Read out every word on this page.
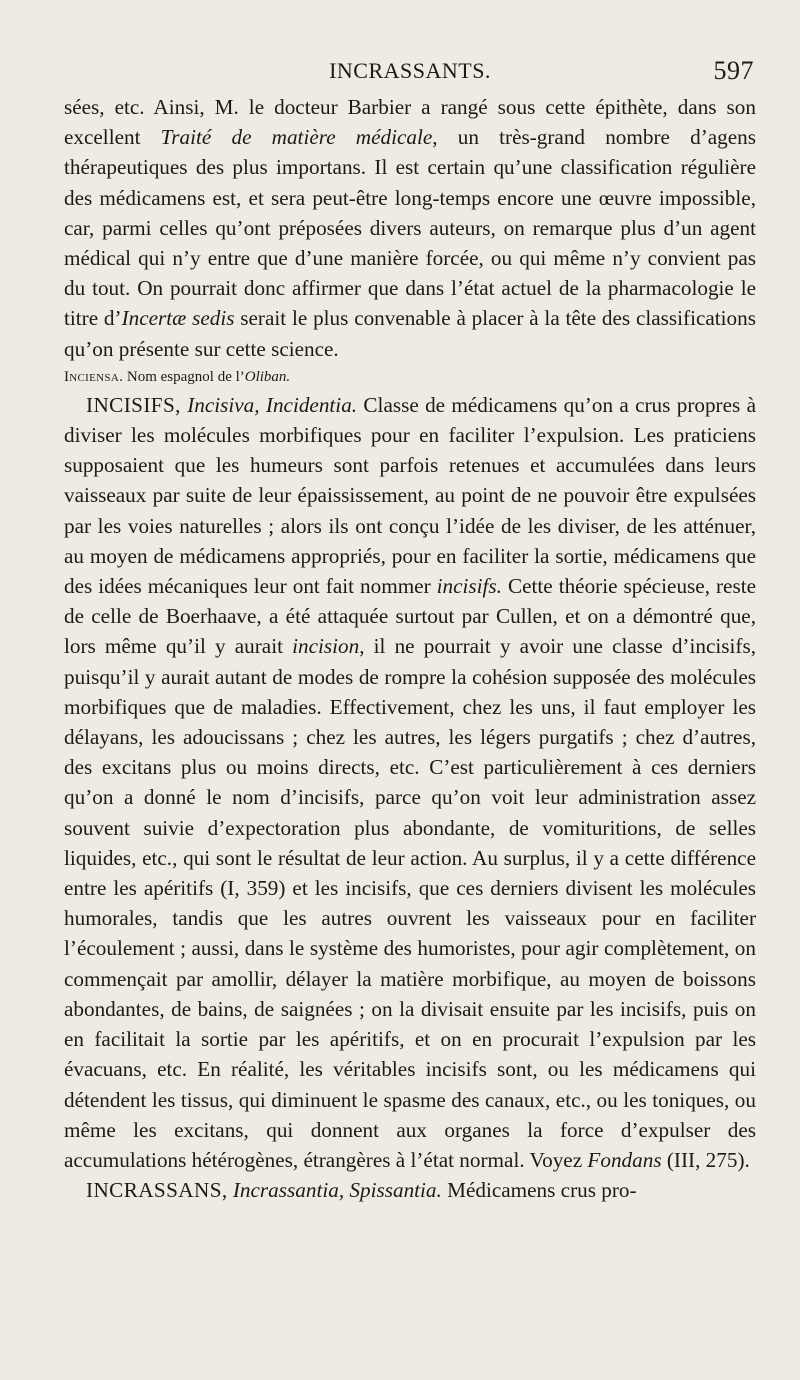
INCRASSANTS.	597

sées, etc. Ainsi, M. le docteur Barbier a rangé sous cette épithète, dans son excellent Traité de matière médicale, un très-grand nombre d’agens thérapeutiques des plus importans. Il est certain qu’une classification régulière des médicamens est, et sera peut-être long-temps encore une œuvre impossible, car, parmi celles qu’ont préposées divers auteurs, on remarque plus d’un agent médical qui n’y entre que d’une manière forcée, ou qui même n’y convient pas du tout. On pourrait donc affirmer que dans l’état actuel de la pharmacologie le titre d’Incertæ sedis serait le plus convenable à placer à la tête des classifications qu’on présente sur cette science.

Inciensa. Nom espagnol de l’Oliban.

INCISIFS, Incisiva, Incidentia. Classe de médicamens qu’on a crus propres à diviser les molécules morbifiques pour en faciliter l’expulsion. Les praticiens supposaient que les humeurs sont parfois retenues et accumulées dans leurs vaisseaux par suite de leur épaississement, au point de ne pouvoir être expulsées par les voies naturelles ; alors ils ont conçu l’idée de les diviser, de les atténuer, au moyen de médicamens appropriés, pour en faciliter la sortie, médicamens que des idées mécaniques leur ont fait nommer incisifs. Cette théorie spécieuse, reste de celle de Boerhaave, a été attaquée surtout par Cullen, et on a démontré que, lors même qu’il y aurait incision, il ne pourrait y avoir une classe d’incisifs, puisqu’il y aurait autant de modes de rompre la cohésion supposée des molécules morbifiques que de maladies. Effectivement, chez les uns, il faut employer les délayans, les adoucissans ; chez les autres, les légers purgatifs ; chez d’autres, des excitans plus ou moins directs, etc. C’est particulièrement à ces derniers qu’on a donné le nom d’incisifs, parce qu’on voit leur administration assez souvent suivie d’expectoration plus abondante, de vomituritions, de selles liquides, etc., qui sont le résultat de leur action. Au surplus, il y a cette différence entre les apéritifs (I, 359) et les incisifs, que ces derniers divisent les molécules humorales, tandis que les autres ouvrent les vaisseaux pour en faciliter l’écoulement ; aussi, dans le système des humoristes, pour agir complètement, on commençait par amollir, délayer la matière morbifique, au moyen de boissons abondantes, de bains, de saignées ; on la divisait ensuite par les incisifs, puis on en facilitait la sortie par les apéritifs, et on en procurait l’expulsion par les évacuans, etc. En réalité, les véritables incisifs sont, ou les médicamens qui détendent les tissus, qui diminuent le spasme des canaux, etc., ou les toniques, ou même les excitans, qui donnent aux organes la force d’expulser des accumulations hétérogènes, étrangères à l’état normal. Voyez Fondans (III, 275).

INCRASSANS, Incrassantia, Spissantia. Médicamens crus pro-
